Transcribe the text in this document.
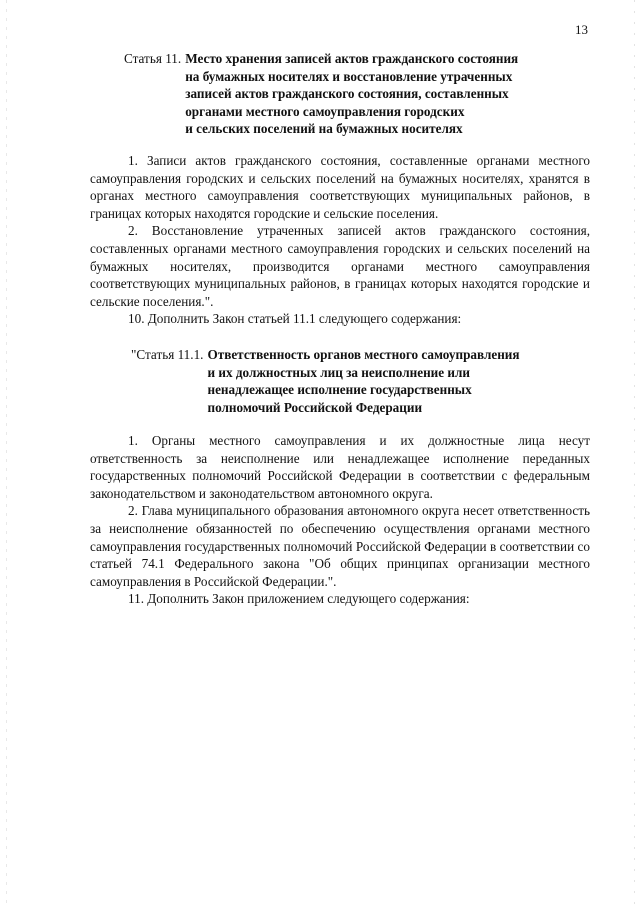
13
Статья 11. Место хранения записей актов гражданского состояния
на бумажных носителях и восстановление утраченных
записей актов гражданского состояния, составленных
органами местного самоуправления городских
и сельских поселений на бумажных носителях

1. Записи актов гражданского состояния, составленные органами местного самоуправления городских и сельских поселений на бумажных носителях, хранятся в органах местного самоуправления соответствующих муниципальных районов, в границах которых находятся городские и сельские поселения.

2. Восстановление утраченных записей актов гражданского состояния, составленных органами местного самоуправления городских и сельских поселений на бумажных носителях, производится органами местного самоуправления соответствующих муниципальных районов, в границах которых находятся городские и сельские поселения.".

10. Дополнить Закон статьей 11.1 следующего содержания:

"Статья 11.1. Ответственность органов местного самоуправления
и их должностных лиц за неисполнение или
ненадлежащее исполнение государственных
полномочий Российской Федерации

1. Органы местного самоуправления и их должностные лица несут ответственность за неисполнение или ненадлежащее исполнение переданных государственных полномочий Российской Федерации в соответствии с федеральным законодательством и законодательством автономного округа.

2. Глава муниципального образования автономного округа несет ответственность за неисполнение обязанностей по обеспечению осуществления органами местного самоуправления государственных полномочий Российской Федерации в соответствии со статьей 74.1 Федерального закона "Об общих принципах организации местного самоуправления в Российской Федерации.".

11. Дополнить Закон приложением следующего содержания:
